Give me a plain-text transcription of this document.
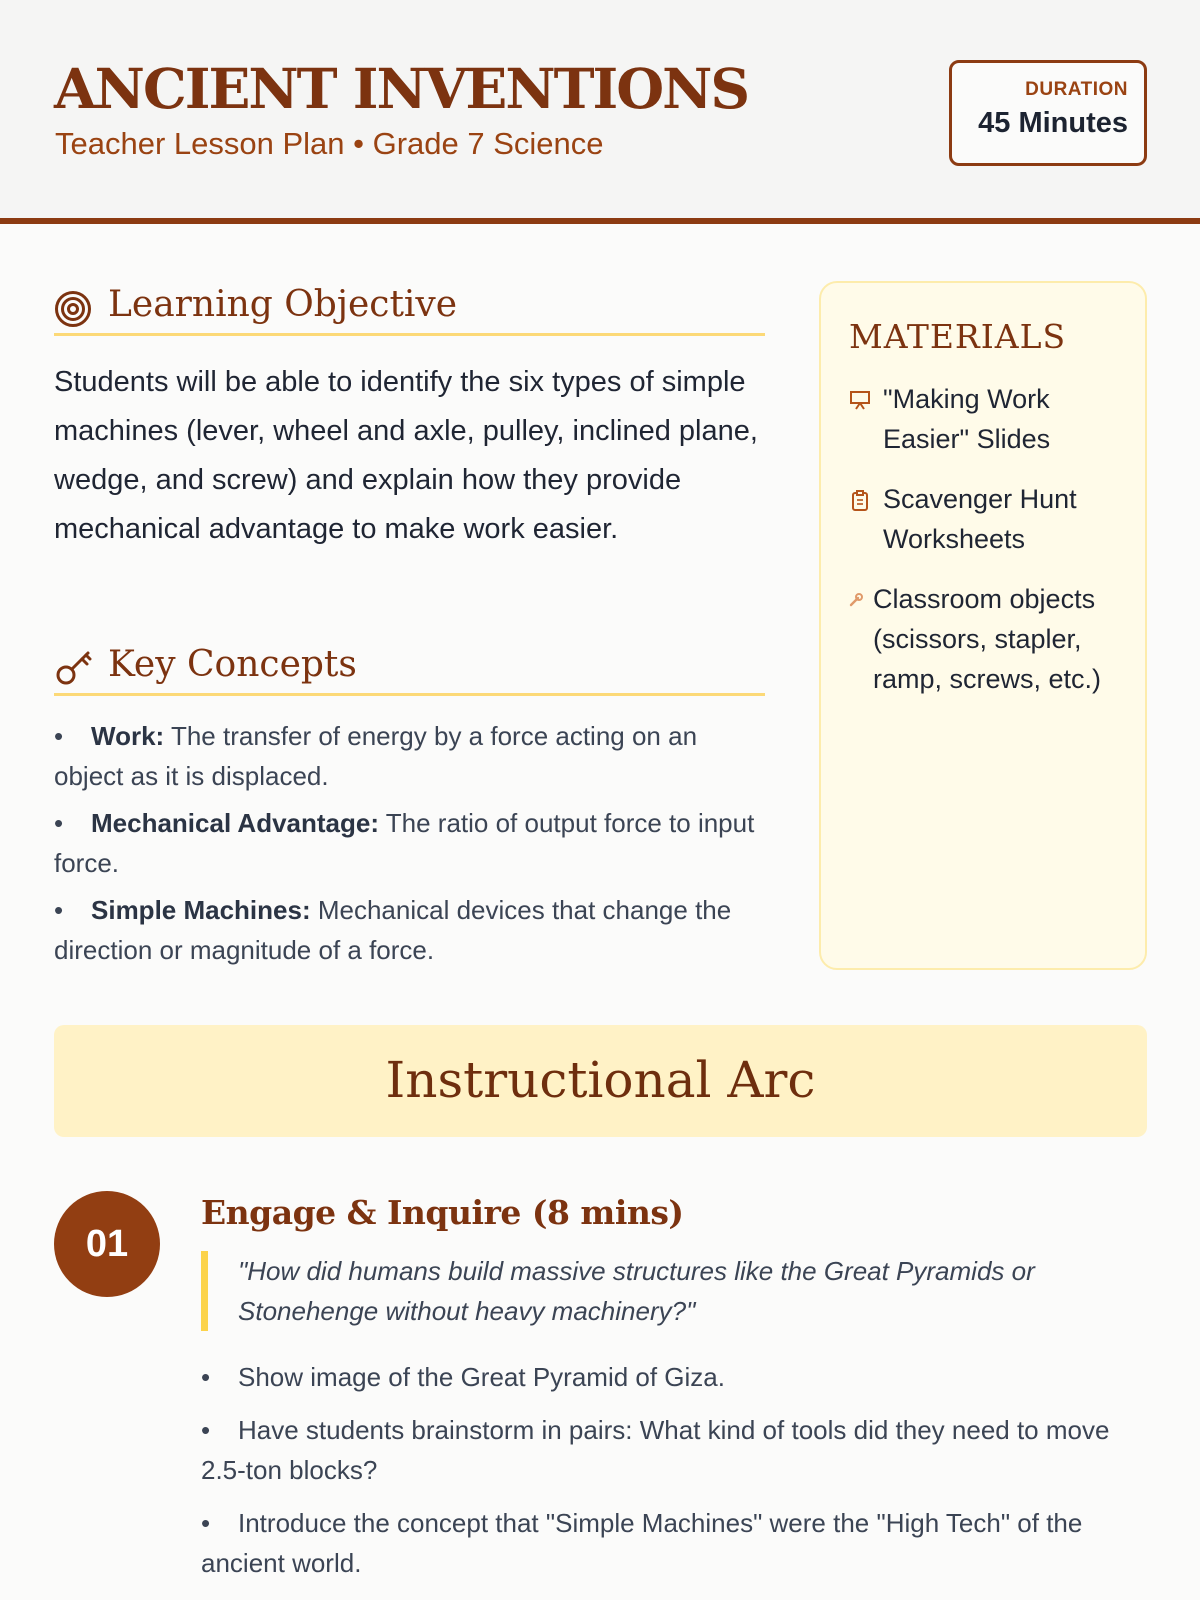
ANCIENT INVENTIONS
Teacher Lesson Plan • Grade 7 Science
DURATION
45 Minutes
Learning Objective

Students will be able to identify the six types of simple machines (lever, wheel and axle, pulley, inclined plane, wedge, and screw) and explain how they provide mechanical advantage to make work easier.

Key Concepts
• Work: The transfer of energy by a force acting on an object as it is displaced.
• Mechanical Advantage: The ratio of output force to input force.
• Simple Machines: Mechanical devices that change the direction or magnitude of a force.
MATERIALS
"Making Work Easier" Slides
Scavenger Hunt Worksheets
Classroom objects (scissors, stapler, ramp, screws, etc.)
Instructional Arc
01
Engage & Inquire (8 mins)
"How did humans build massive structures like the Great Pyramids or Stonehenge without heavy machinery?"
• Show image of the Great Pyramid of Giza.
• Have students brainstorm in pairs: What kind of tools did they need to move 2.5-ton blocks?
• Introduce the concept that "Simple Machines" were the "High Tech" of the ancient world.
